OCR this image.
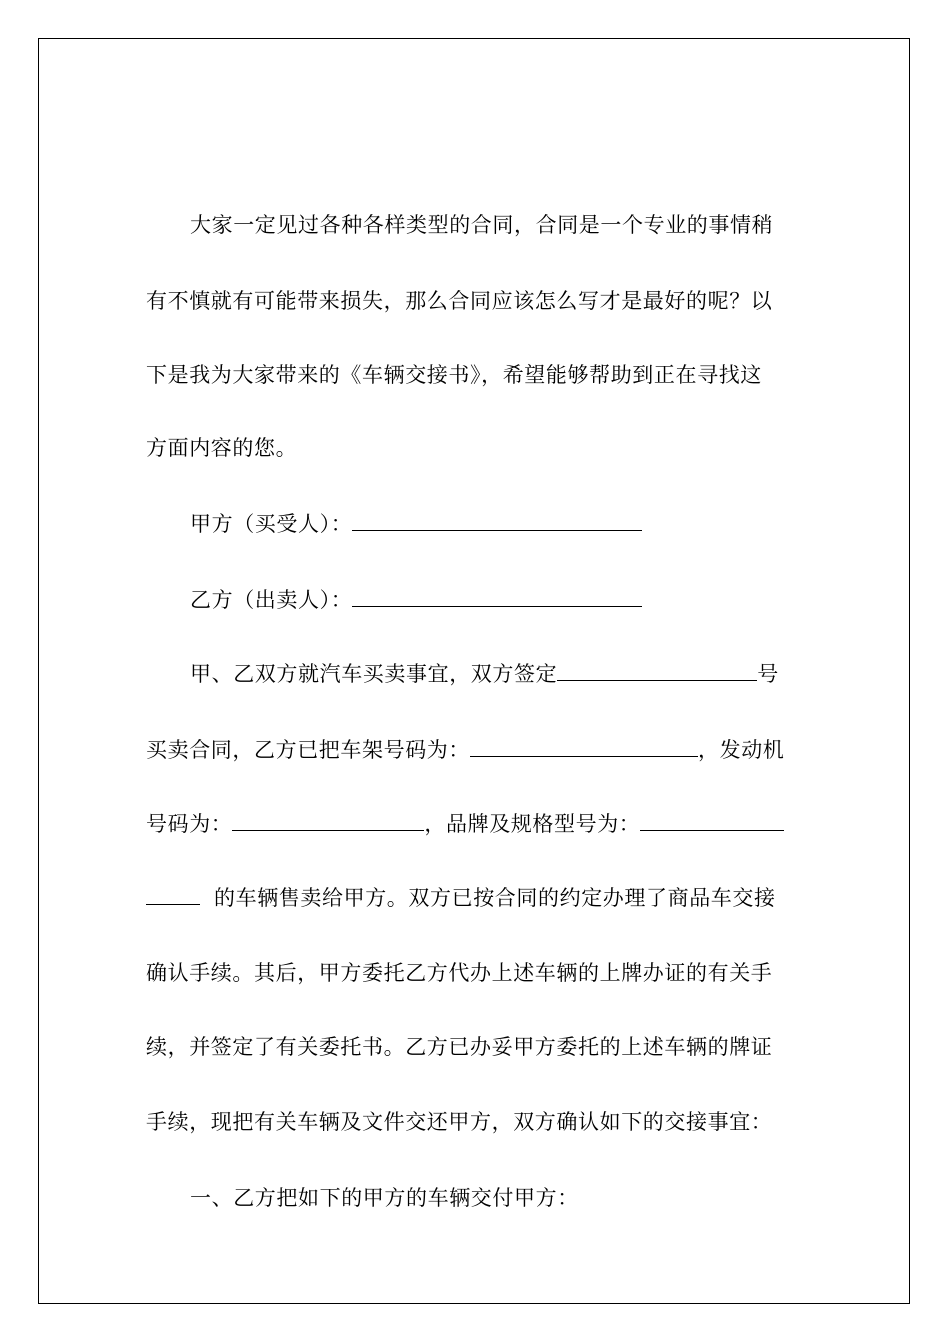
大家一定见过各种各样类型的合同，合同是一个专业的事情稍
有不慎就有可能带来损失，那么合同应该怎么写才是最好的呢？以
下是我为大家带来的《车辆交接书》，希望能够帮助到正在寻找这
方面内容的您。
甲方（买受人）：
乙方（出卖人）：
甲、乙双方就汽车买卖事宜，双方签定	号
买卖合同，乙方已把车架号码为：	，发动机
号码为：	，品牌及规格型号为：
的车辆售卖给甲方。双方已按合同的约定办理了商品车交接
确认手续。其后，甲方委托乙方代办上述车辆的上牌办证的有关手
续，并签定了有关委托书。乙方已办妥甲方委托的上述车辆的牌证
手续，现把有关车辆及文件交还甲方，双方确认如下的交接事宜：
一、乙方把如下的甲方的车辆交付甲方：
